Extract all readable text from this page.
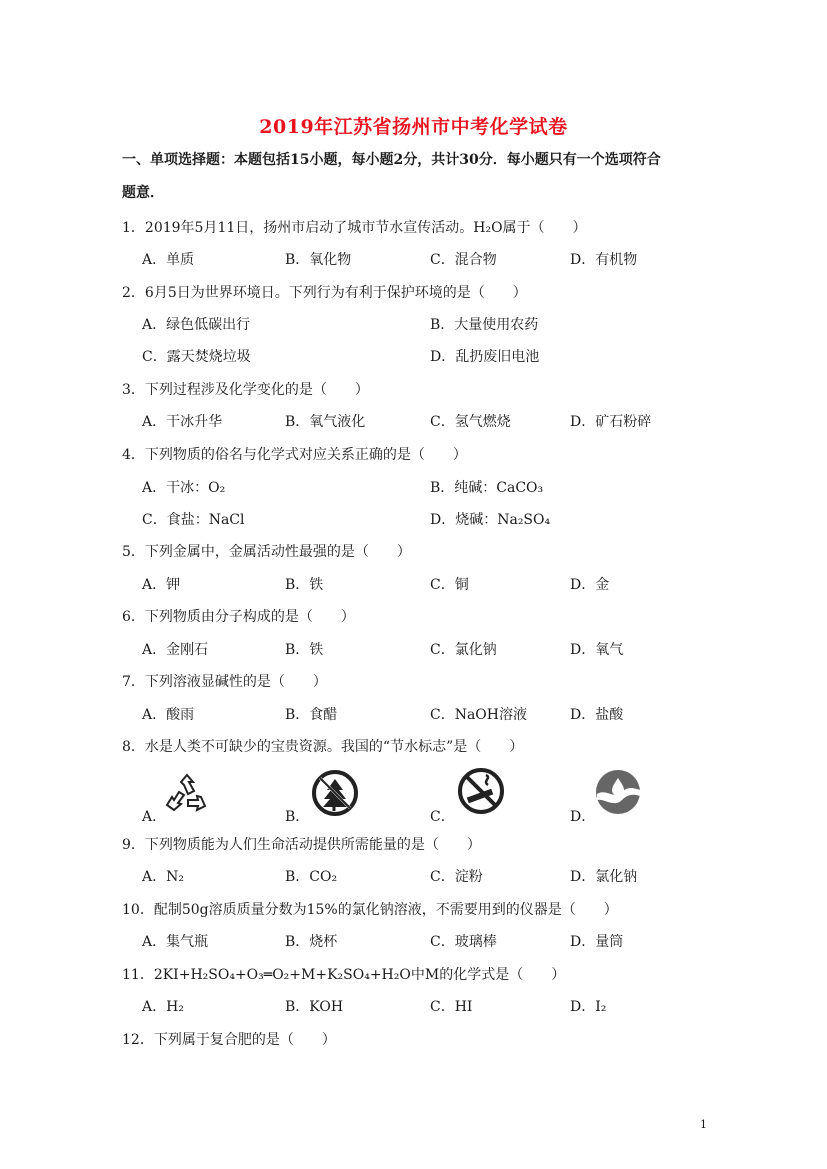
2019年江苏省扬州市中考化学试卷
一、单项选择题：本题包括15小题，每小题2分，共计30分．每小题只有一个选项符合
题意．
1．2019年5月11日，扬州市启动了城市节水宣传活动。H₂O属于（　　）
A．单质	B．氧化物	C．混合物	D．有机物
2．6月5日为世界环境日。下列行为有利于保护环境的是（　　）
A．绿色低碳出行	B．大量使用农药
C．露天焚烧垃圾	D．乱扔废旧电池
3．下列过程涉及化学变化的是（　　）
A．干冰升华	B．氧气液化	C．氢气燃烧	D．矿石粉碎
4．下列物质的俗名与化学式对应关系正确的是（　　）
A．干冰：O₂	B．纯碱：CaCO₃
C．食盐：NaCl	D．烧碱：Na₂SO₄
5．下列金属中，金属活动性最强的是（　　）
A．钾	B．铁	C．铜	D．金
6．下列物质由分子构成的是（　　）
A．金刚石	B．铁	C．氯化钠	D．氧气
7．下列溶液显碱性的是（　　）
A．酸雨	B．食醋	C．NaOH溶液	D．盐酸
8．水是人类不可缺少的宝贵资源。我国的“节水标志”是（　　）
A．	B．	C．	D．
9．下列物质能为人们生命活动提供所需能量的是（　　）
A．N₂	B．CO₂	C．淀粉	D．氯化钠
10．配制50g溶质质量分数为15%的氯化钠溶液，不需要用到的仪器是（　　）
A．集气瓶	B．烧杯	C．玻璃棒	D．量筒
11．2KI+H₂SO₄+O₃═O₂+M+K₂SO₄+H₂O中M的化学式是（　　）
A．H₂	B．KOH	C．HI	D．I₂
12．下列属于复合肥的是（　　）
1
